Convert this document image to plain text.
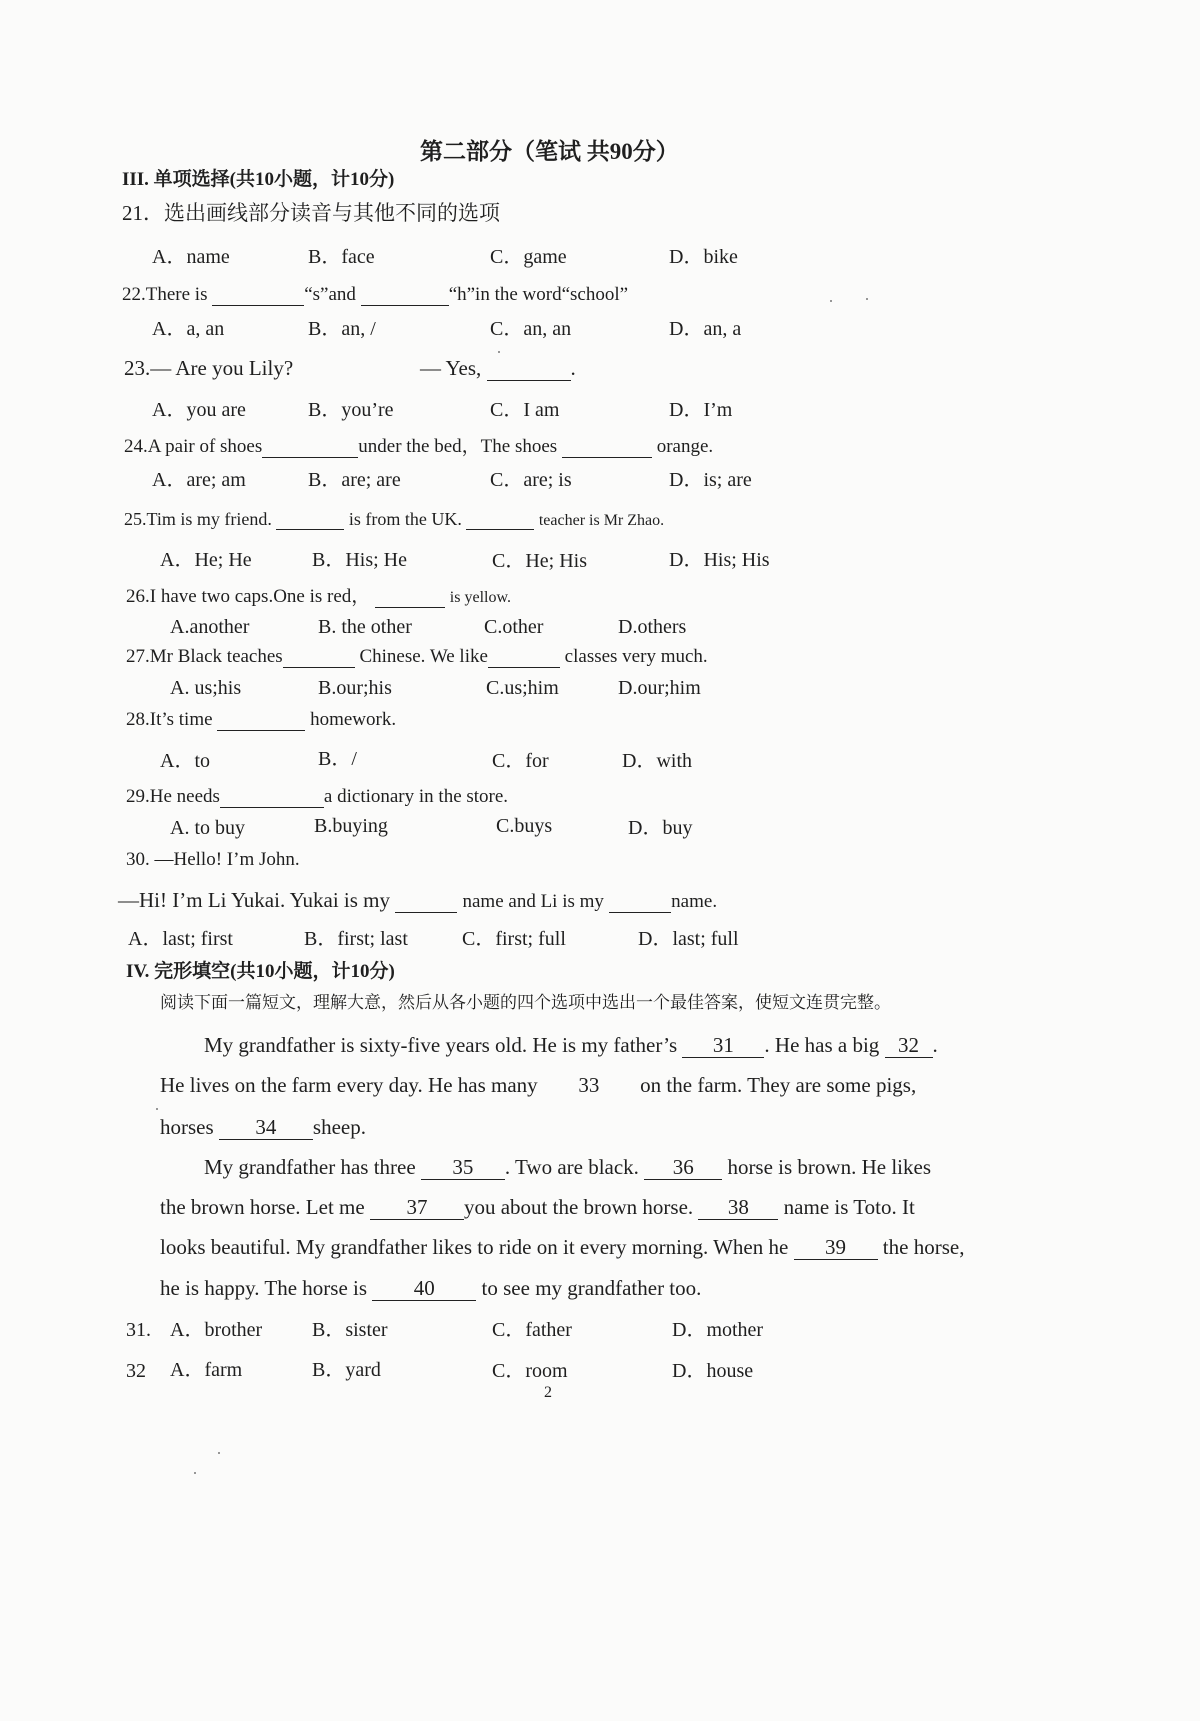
第二部分（笔试 共90分）
III. 单项选择(共10小题，计10分)
21．选出画线部分读音与其他不同的选项
A．name	B．face	C．game	D．bike
22.There is	“s”and	“h”in the word“school”
A．a, an	B．an, /	C．an, an	D．an, a
23.— Are you Lily?	— Yes,	.
A．you are	B．you’re	C．I am	D．I’m
24.A pair of shoes	under the bed，The shoes	orange.
A．are; am	B．are; are	C．are; is	D．is; are
25.Tim is my friend.	is from the UK.	teacher is Mr Zhao.
A．He; He	B．His; He	C．He; His	D．His; His
26.I have two caps.One is red，	is yellow.
A.another	B. the other	C.other	D.others
27.Mr Black teaches	Chinese. We like	classes very much.
A. us;his	B.our;his	C.us;him	D.our;him
28.It’s time	homework.
A．to	B．/	C．for	D．with
29.He needs	a dictionary in the store.
A. to buy	B.buying	C.buys	D．buy
30. —Hello! I’m John.
—Hi! I’m Li Yukai. Yukai is my	name and Li is my	name.
A．last; first	B．first; last	C．first; full	D．last; full
IV. 完形填空(共10小题，计10分)
阅读下面一篇短文，理解大意，然后从各小题的四个选项中选出一个最佳答案，使短文连贯完整。
My grandfather is sixty-five years old. He is my father’s 31 . He has a big 32 .
He lives on the farm every day. He has many 33 on the farm. They are some pigs,
horses 34 sheep.
My grandfather has three 35 . Two are black. 36 horse is brown. He likes
the brown horse. Let me 37 you about the brown horse. 38 name is Toto. It
looks beautiful. My grandfather likes to ride on it every morning. When he 39 the horse,
he is happy. The horse is 40 to see my grandfather too.
31. A．brother B．sister	C．father	D．mother
32 A．farm	B．yard	C．room	D．house
2
